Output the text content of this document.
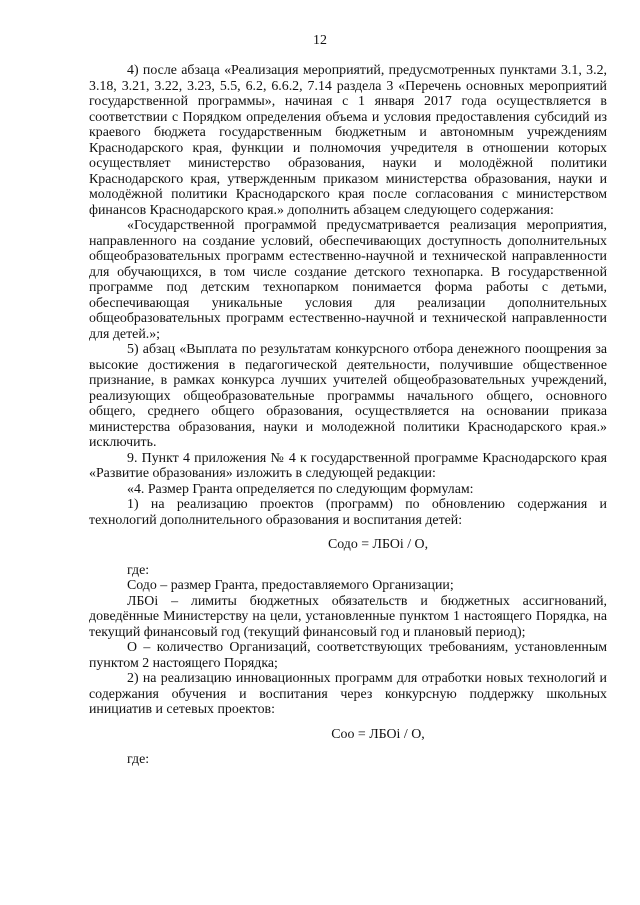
12

4) после абзаца «Реализация мероприятий, предусмотренных пунктами 3.1, 3.2, 3.18, 3.21, 3.22, 3.23, 5.5, 6.2, 6.6.2, 7.14 раздела 3 «Перечень основных мероприятий государственной программы», начиная с 1 января 2017 года осуществляется в соответствии с Порядком определения объема и условия предоставления субсидий из краевого бюджета государственным бюджетным и автономным учреждениям Краснодарского края, функции и полномочия учредителя в отношении которых осуществляет министерство образования, науки и молодёжной политики Краснодарского края, утвержденным приказом министерства образования, науки и молодёжной политики Краснодарского края после согласования с министерством финансов Краснодарского края.» дополнить абзацем следующего содержания:

«Государственной программой предусматривается реализация мероприятия, направленного на создание условий, обеспечивающих доступность дополнительных общеобразовательных программ естественно-научной и технической направленности для обучающихся, в том числе создание детского технопарка. В государственной программе под детским технопарком понимается форма работы с детьми, обеспечивающая уникальные условия для реализации дополнительных общеобразовательных программ естественно-научной и технической направленности для детей.»;

5) абзац «Выплата по результатам конкурсного отбора денежного поощрения за высокие достижения в педагогической деятельности, получившие общественное признание, в рамках конкурса лучших учителей общеобразовательных учреждений, реализующих общеобразовательные программы начального общего, основного общего, среднего общего образования, осуществляется на основании приказа министерства образования, науки и молодежной политики Краснодарского края.» исключить.

9. Пункт 4 приложения № 4 к государственной программе Краснодарского края «Развитие образования» изложить в следующей редакции:

«4. Размер Гранта определяется по следующим формулам:

1) на реализацию проектов (программ) по обновлению содержания и технологий дополнительного образования и воспитания детей:

Содо = ЛБОi / О,

где:

Содо – размер Гранта, предоставляемого Организации;

ЛБОi – лимиты бюджетных обязательств и бюджетных ассигнований, доведённые Министерству на цели, установленные пунктом 1 настоящего Порядка, на текущий финансовый год (текущий финансовый год и плановый период);

О – количество Организаций, соответствующих требованиям, установленным пунктом 2 настоящего Порядка;

2) на реализацию инновационных программ для отработки новых технологий и содержания обучения и воспитания через конкурсную поддержку школьных инициатив и сетевых проектов:

Соо = ЛБОi / О,

где:
